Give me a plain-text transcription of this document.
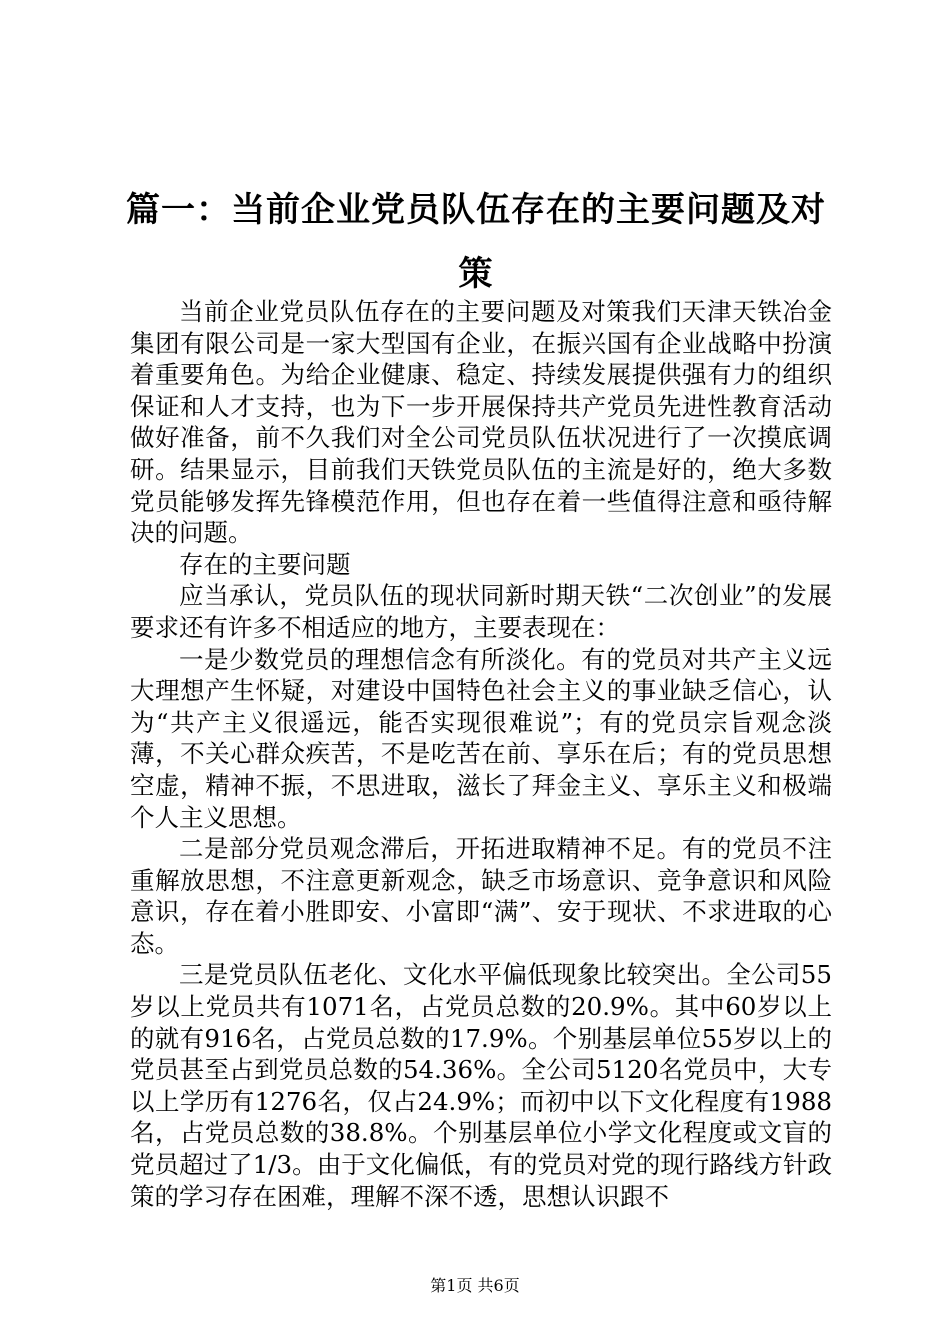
篇一：当前企业党员队伍存在的主要问题及对策

当前企业党员队伍存在的主要问题及对策我们天津天铁冶金集团有限公司是一家大型国有企业，在振兴国有企业战略中扮演着重要角色。为给企业健康、稳定、持续发展提供强有力的组织保证和人才支持，也为下一步开展保持共产党员先进性教育活动做好准备，前不久我们对全公司党员队伍状况进行了一次摸底调研。结果显示，目前我们天铁党员队伍的主流是好的，绝大多数党员能够发挥先锋模范作用，但也存在着一些值得注意和亟待解决的问题。

存在的主要问题

应当承认，党员队伍的现状同新时期天铁“二次创业”的发展要求还有许多不相适应的地方，主要表现在：

一是少数党员的理想信念有所淡化。有的党员对共产主义远大理想产生怀疑，对建设中国特色社会主义的事业缺乏信心，认为“共产主义很遥远，能否实现很难说”；有的党员宗旨观念淡薄，不关心群众疾苦，不是吃苦在前、享乐在后；有的党员思想空虚，精神不振，不思进取，滋长了拜金主义、享乐主义和极端个人主义思想。

二是部分党员观念滞后，开拓进取精神不足。有的党员不注重解放思想，不注意更新观念，缺乏市场意识、竞争意识和风险意识，存在着小胜即安、小富即“满”、安于现状、不求进取的心态。

三是党员队伍老化、文化水平偏低现象比较突出。全公司55岁以上党员共有1071名，占党员总数的20.9%。其中60岁以上的就有916名，占党员总数的17.9%。个别基层单位55岁以上的党员甚至占到党员总数的54.36%。全公司5120名党员中，大专以上学历有1276名，仅占24.9%；而初中以下文化程度有1988名，占党员总数的38.8%。个别基层单位小学文化程度或文盲的党员超过了1/3。由于文化偏低，有的党员对党的现行路线方针政策的学习存在困难，理解不深不透，思想认识跟不

第1页 共6页
